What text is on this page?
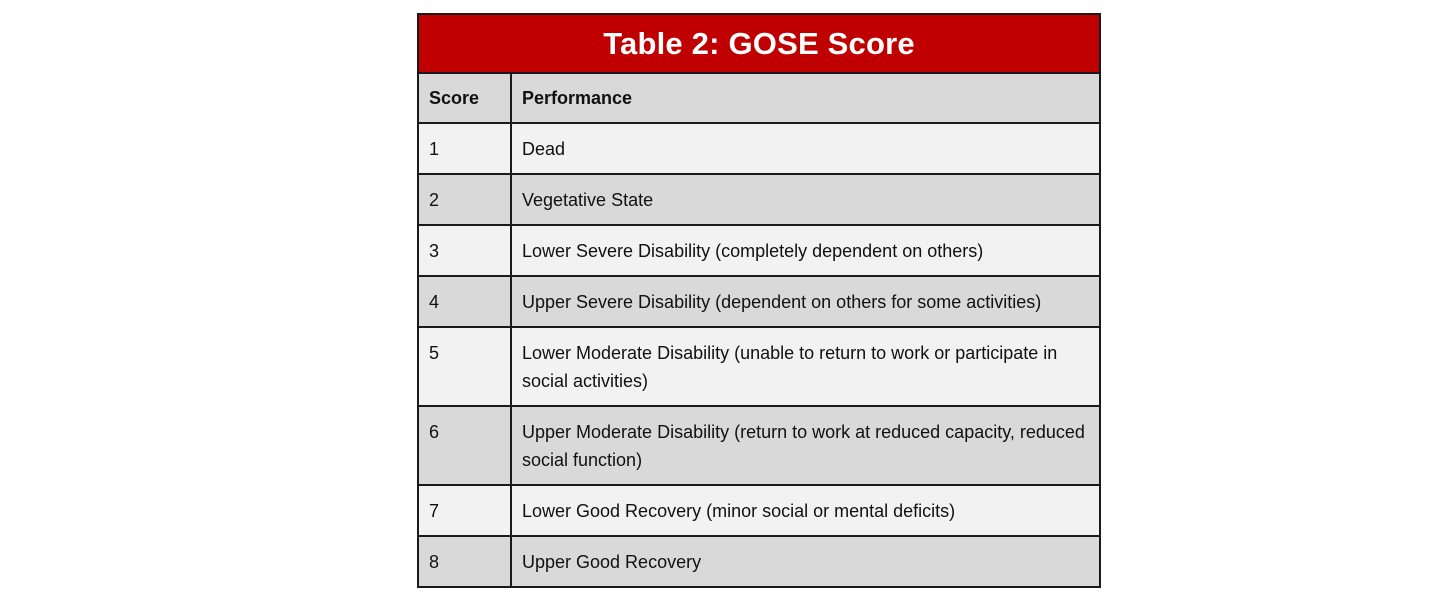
Table 2: GOSE Score
Score	Performance
1	Dead
2	Vegetative State
3	Lower Severe Disability (completely dependent on others)
4	Upper Severe Disability (dependent on others for some activities)
5	Lower Moderate Disability (unable to return to work or participate in social activities)
6	Upper Moderate Disability (return to work at reduced capacity, reduced social function)
7	Lower Good Recovery (minor social or mental deficits)
8	Upper Good Recovery
